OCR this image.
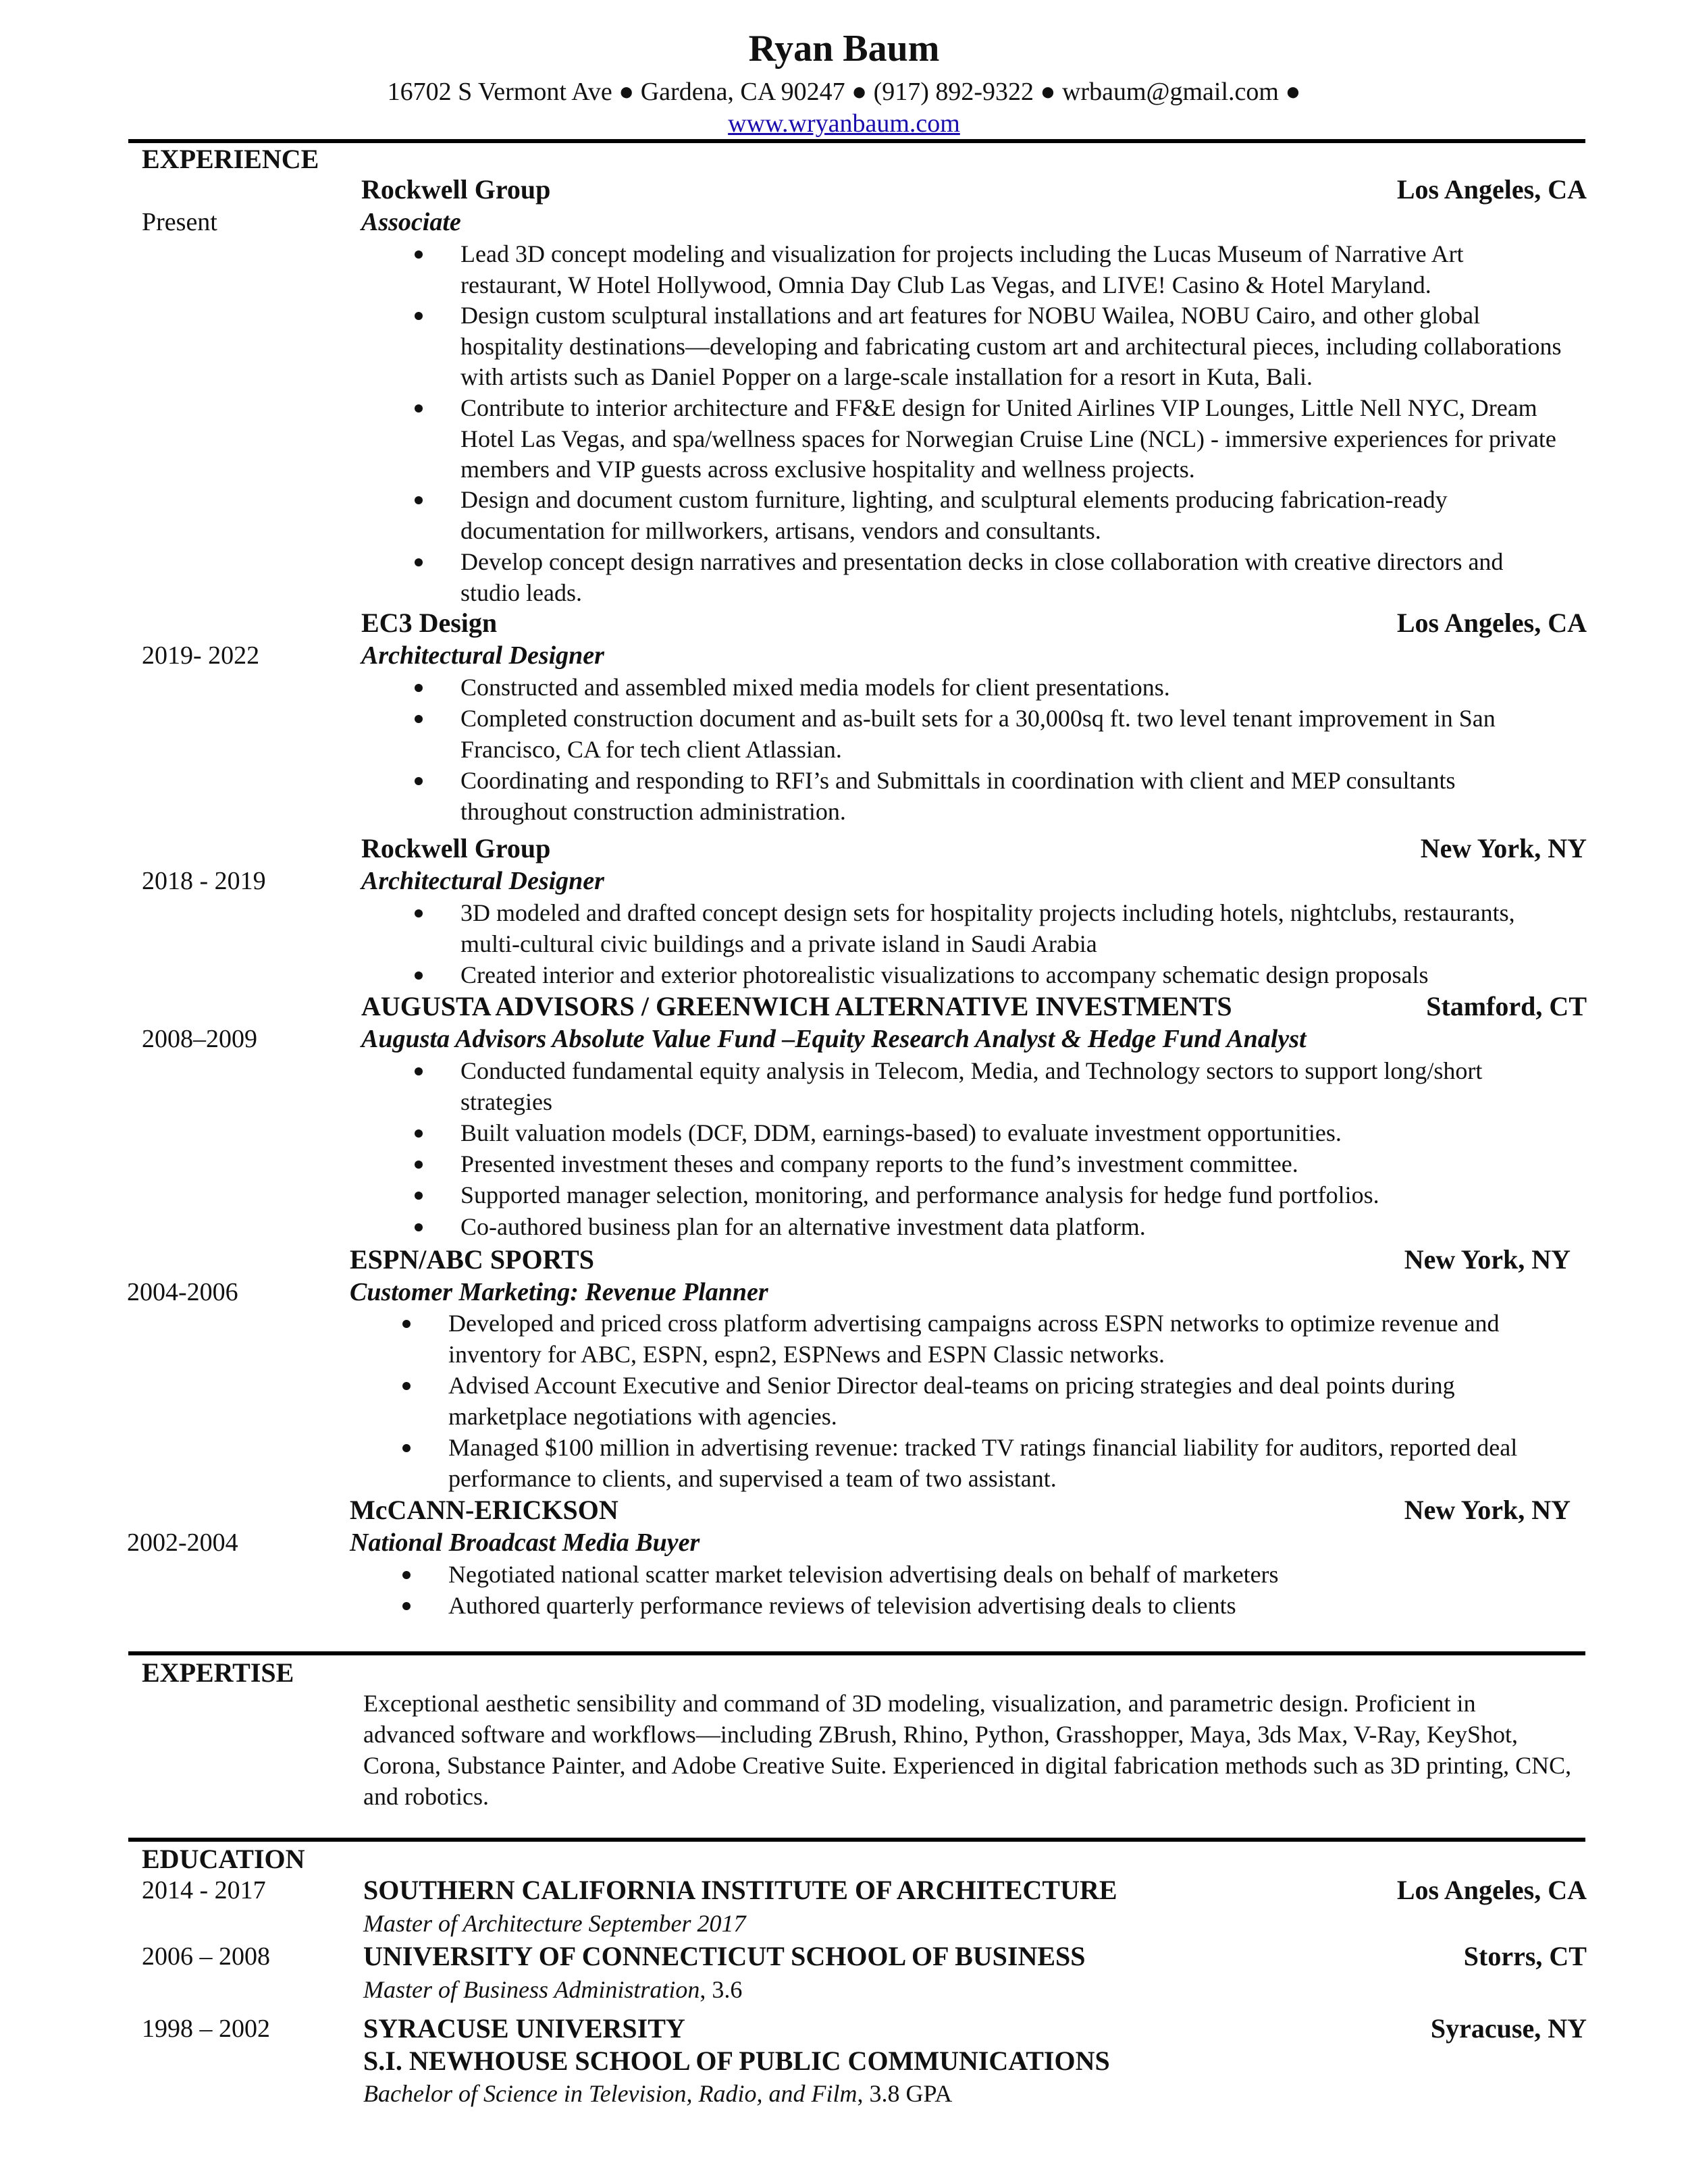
Ryan Baum
16702 S Vermont Ave ● Gardena, CA 90247 ● (917) 892-9322 ● wrbaum@gmail.com ●
www.wryanbaum.com
EXPERIENCE
Rockwell Group	Los Angeles, CA
Present	Associate
Lead 3D concept modeling and visualization for projects including the Lucas Museum of Narrative Art restaurant, W Hotel Hollywood, Omnia Day Club Las Vegas, and LIVE! Casino & Hotel Maryland.
Design custom sculptural installations and art features for NOBU Wailea, NOBU Cairo, and other global hospitality destinations—developing and fabricating custom art and architectural pieces, including collaborations with artists such as Daniel Popper on a large-scale installation for a resort in Kuta, Bali.
Contribute to interior architecture and FF&E design for United Airlines VIP Lounges, Little Nell NYC, Dream Hotel Las Vegas, and spa/wellness spaces for Norwegian Cruise Line (NCL) - immersive experiences for private members and VIP guests across exclusive hospitality and wellness projects.
Design and document custom furniture, lighting, and sculptural elements producing fabrication-ready documentation for millworkers, artisans, vendors and consultants.
Develop concept design narratives and presentation decks in close collaboration with creative directors and studio leads.
EC3 Design	Los Angeles, CA
2019- 2022	Architectural Designer
Constructed and assembled mixed media models for client presentations.
Completed construction document and as-built sets for a 30,000sq ft. two level tenant improvement in San Francisco, CA for tech client Atlassian.
Coordinating and responding to RFI’s and Submittals in coordination with client and MEP consultants throughout construction administration.
Rockwell Group	New York, NY
2018 - 2019	Architectural Designer
3D modeled and drafted concept design sets for hospitality projects including hotels, nightclubs, restaurants, multi-cultural civic buildings and a private island in Saudi Arabia
Created interior and exterior photorealistic visualizations to accompany schematic design proposals
AUGUSTA ADVISORS / GREENWICH ALTERNATIVE INVESTMENTS	Stamford, CT
2008–2009	Augusta Advisors Absolute Value Fund –Equity Research Analyst & Hedge Fund Analyst
Conducted fundamental equity analysis in Telecom, Media, and Technology sectors to support long/short strategies
Built valuation models (DCF, DDM, earnings-based) to evaluate investment opportunities.
Presented investment theses and company reports to the fund’s investment committee.
Supported manager selection, monitoring, and performance analysis for hedge fund portfolios.
Co-authored business plan for an alternative investment data platform.
ESPN/ABC SPORTS	New York, NY
2004-2006	Customer Marketing: Revenue Planner
Developed and priced cross platform advertising campaigns across ESPN networks to optimize revenue and inventory for ABC, ESPN, espn2, ESPNews and ESPN Classic networks.
Advised Account Executive and Senior Director deal-teams on pricing strategies and deal points during marketplace negotiations with agencies.
Managed $100 million in advertising revenue: tracked TV ratings financial liability for auditors, reported deal performance to clients, and supervised a team of two assistant.
McCANN-ERICKSON	New York, NY
2002-2004	National Broadcast Media Buyer
Negotiated national scatter market television advertising deals on behalf of marketers
Authored quarterly performance reviews of television advertising deals to clients
EXPERTISE
Exceptional aesthetic sensibility and command of 3D modeling, visualization, and parametric design. Proficient in advanced software and workflows—including ZBrush, Rhino, Python, Grasshopper, Maya, 3ds Max, V-Ray, KeyShot, Corona, Substance Painter, and Adobe Creative Suite. Experienced in digital fabrication methods such as 3D printing, CNC, and robotics.
EDUCATION
2014 - 2017	SOUTHERN CALIFORNIA INSTITUTE OF ARCHITECTURE	Los Angeles, CA
Master of Architecture September 2017
2006 – 2008	UNIVERSITY OF CONNECTICUT SCHOOL OF BUSINESS	Storrs, CT
Master of Business Administration, 3.6
1998 – 2002	SYRACUSE UNIVERSITY	Syracuse, NY
S.I. NEWHOUSE SCHOOL OF PUBLIC COMMUNICATIONS
Bachelor of Science in Television, Radio, and Film, 3.8 GPA
